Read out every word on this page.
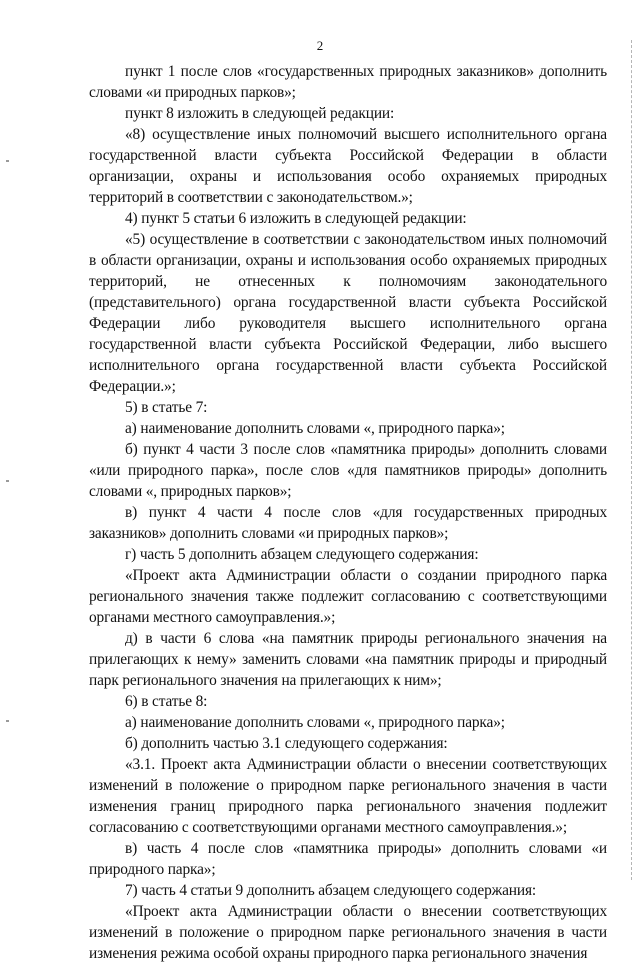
2

пункт 1 после слов «государственных природных заказников» дополнить словами «и природных парков»;

пункт 8 изложить в следующей редакции:

«8) осуществление иных полномочий высшего исполнительного органа государственной власти субъекта Российской Федерации в области организации, охраны и использования особо охраняемых природных территорий в соответствии с законодательством.»;

4) пункт 5 статьи 6 изложить в следующей редакции:

«5) осуществление в соответствии с законодательством иных полномочий в области организации, охраны и использования особо охраняемых природных территорий, не отнесенных к полномочиям законодательного (представительного) органа государственной власти субъекта Российской Федерации либо руководителя высшего исполнительного органа государственной власти субъекта Российской Федерации, либо высшего исполнительного органа государственной власти субъекта Российской Федерации.»;

5) в статье 7:

а) наименование дополнить словами «, природного парка»;

б) пункт 4 части 3 после слов «памятника природы» дополнить словами «или природного парка», после слов «для памятников природы» дополнить словами «, природных парков»;

в) пункт 4 части 4 после слов «для государственных природных заказников» дополнить словами «и природных парков»;

г) часть 5 дополнить абзацем следующего содержания:

«Проект акта Администрации области о создании природного парка регионального значения также подлежит согласованию с соответствующими органами местного самоуправления.»;

д) в части 6 слова «на памятник природы регионального значения на прилегающих к нему» заменить словами «на памятник природы и природный парк регионального значения на прилегающих к ним»;

6) в статье 8:

а) наименование дополнить словами «, природного парка»;

б) дополнить частью 3.1 следующего содержания:

«3.1. Проект акта Администрации области о внесении соответствующих изменений в положение о природном парке регионального значения в части изменения границ природного парка регионального значения подлежит согласованию с соответствующими органами местного самоуправления.»;

в) часть 4 после слов «памятника природы» дополнить словами «и природного парка»;

7) часть 4 статьи 9 дополнить абзацем следующего содержания:

«Проект акта Администрации области о внесении соответствующих изменений в положение о природном парке регионального значения в части изменения режима особой охраны природного парка регионального значения
